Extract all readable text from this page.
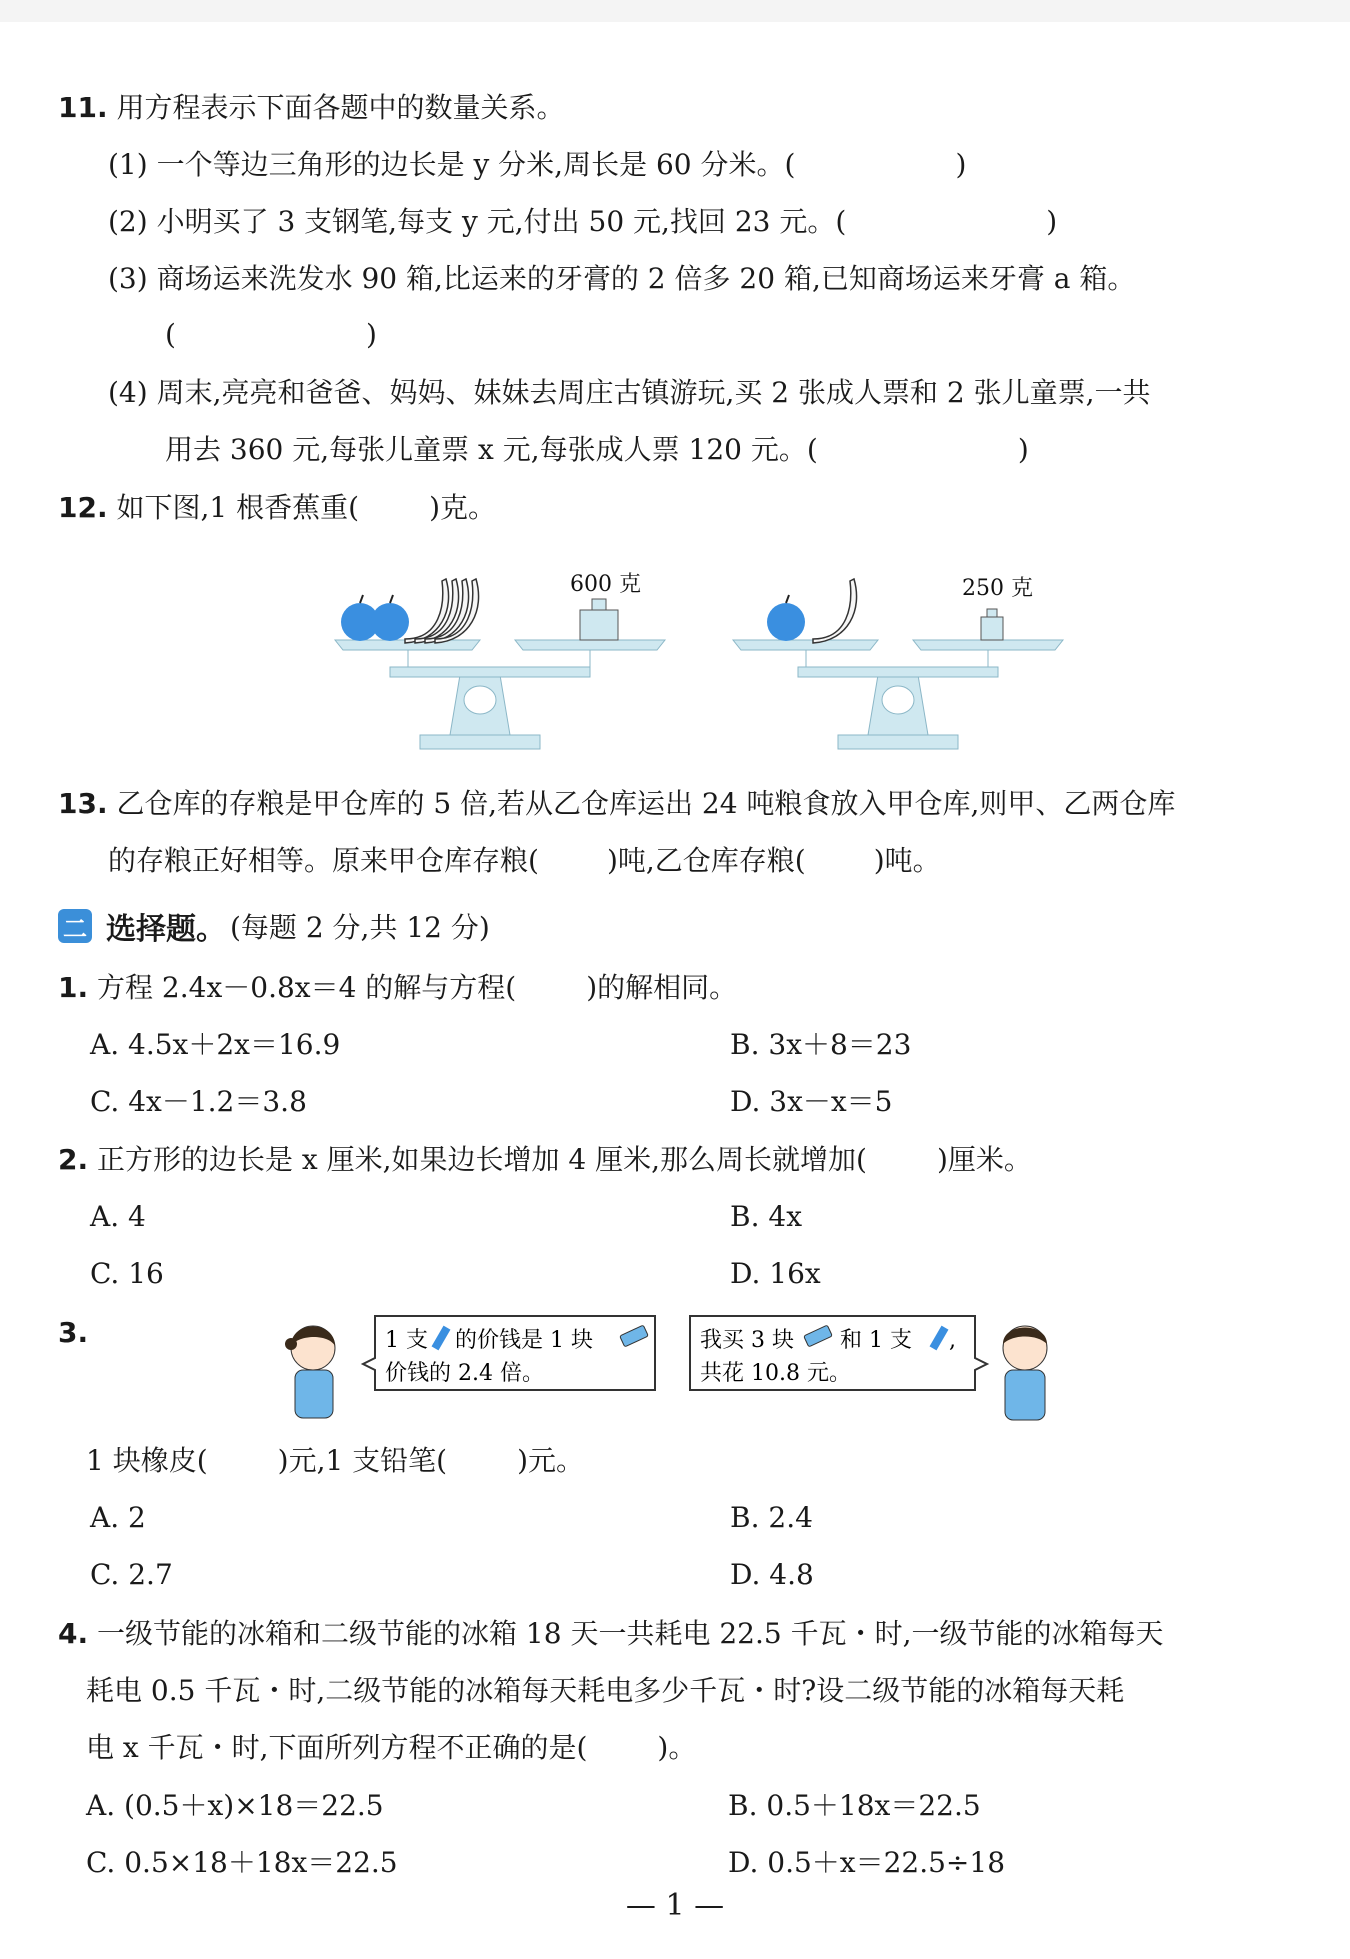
11. 用方程表示下面各题中的数量关系。
(1) 一个等边三角形的边长是 y 分米,周长是 60 分米。(	)
(2) 小明买了 3 支钢笔,每支 y 元,付出 50 元,找回 23 元。(	)
(3) 商场运来洗发水 90 箱,比运来的牙膏的 2 倍多 20 箱,已知商场运来牙膏 a 箱。
(	)
(4) 周末,亮亮和爸爸、妈妈、妹妹去周庄古镇游玩,买 2 张成人票和 2 张儿童票,一共
用去 360 元,每张儿童票 x 元,每张成人票 120 元。(	)
12. 如下图,1 根香蕉重(	)克。
600 克	250 克
13. 乙仓库的存粮是甲仓库的 5 倍,若从乙仓库运出 24 吨粮食放入甲仓库,则甲、乙两仓库
的存粮正好相等。原来甲仓库存粮( )吨,乙仓库存粮( )吨。
二 选择题。 (每题 2 分,共 12 分)
1. 方程 2.4x－0.8x＝4 的解与方程(	)的解相同。
A. 4.5x＋2x＝16.9	B. 3x＋8＝23
C. 4x－1.2＝3.8	D. 3x－x＝5
2. 正方形的边长是 x 厘米,如果边长增加 4 厘米,那么周长就增加(	)厘米。
A. 4	B. 4x
C. 16	D. 16x
3.	1 支 的价钱是 1 块
价钱的 2.4 倍。
我买 3 块 和 1 支 ,
共花 10.8 元。
1 块橡皮(	)元,1 支铅笔(	)元。
A. 2	B. 2.4
C. 2.7	D. 4.8
4. 一级节能的冰箱和二级节能的冰箱 18 天一共耗电 22.5 千瓦・时,一级节能的冰箱每天
耗电 0.5 千瓦・时,二级节能的冰箱每天耗电多少千瓦・时?设二级节能的冰箱每天耗
电 x 千瓦・时,下面所列方程不正确的是(	)。
A. (0.5＋x)×18＝22.5	B. 0.5＋18x＝22.5
C. 0.5×18＋18x＝22.5	D. 0.5＋x＝22.5÷18
— 1 —
